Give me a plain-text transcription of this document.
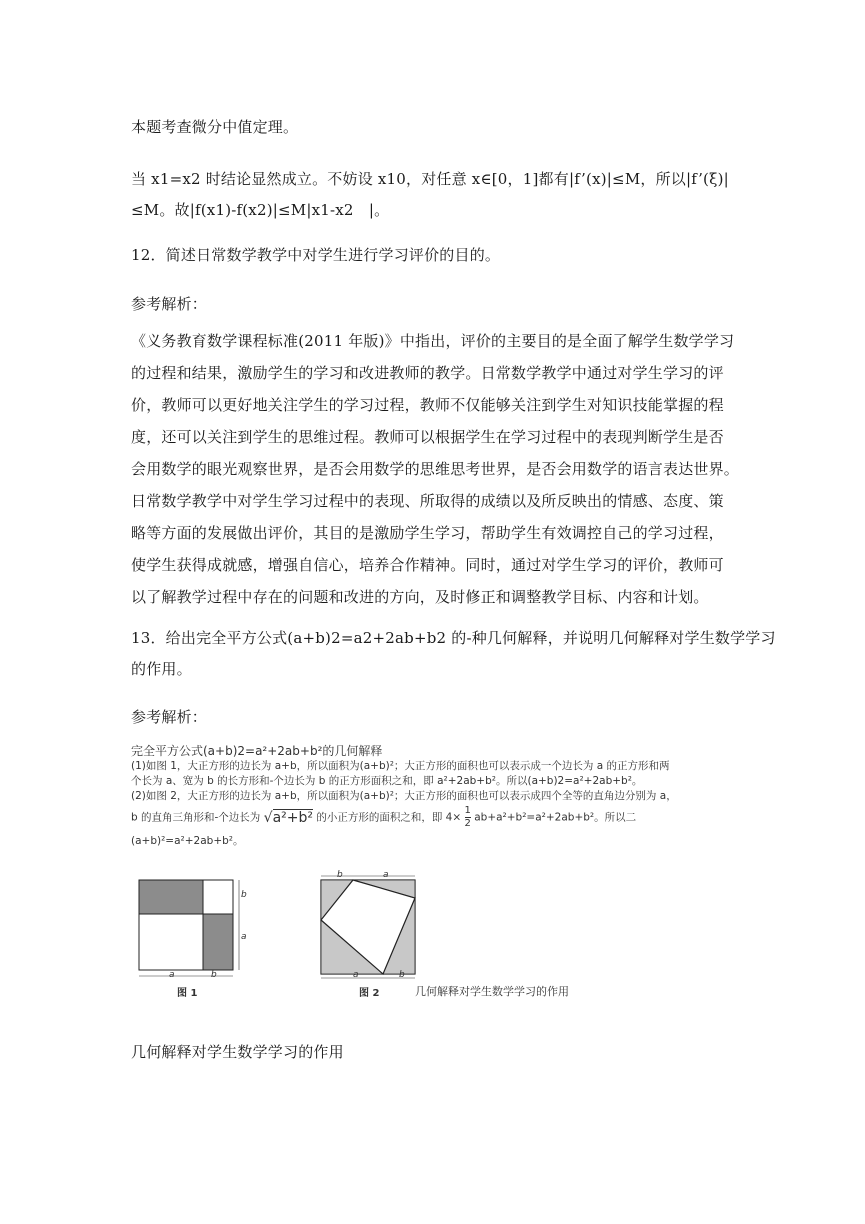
本题考查微分中值定理。
当 x1=x2 时结论显然成立。不妨设 x10，对任意 x∈[0，1]都有|f’(x)|≤M，所以|f’(ξ)|
≤M。故|f(x1)-f(x2)|≤M|x1-x2　|。
12．简述日常数学教学中对学生进行学习评价的目的。
参考解析：
《义务教育数学课程标准(2011 年版)》中指出，评价的主要目的是全面了解学生数学学习
的过程和结果，激励学生的学习和改进教师的教学。日常数学教学中通过对学生学习的评
价，教师可以更好地关注学生的学习过程，教师不仅能够关注到学生对知识技能掌握的程
度，还可以关注到学生的思维过程。教师可以根据学生在学习过程中的表现判断学生是否
会用数学的眼光观察世界，是否会用数学的思维思考世界，是否会用数学的语言表达世界。
日常数学教学中对学生学习过程中的表现、所取得的成绩以及所反映出的情感、态度、策
略等方面的发展做出评价，其目的是激励学生学习，帮助学生有效调控自己的学习过程，
使学生获得成就感，增强自信心，培养合作精神。同时，通过对学生学习的评价，教师可
以了解教学过程中存在的问题和改进的方向，及时修正和调整教学目标、内容和计划。
13．给出完全平方公式(a+b)2=a2+2ab+b2 的-种几何解释，并说明几何解释对学生数学学习
的作用。
参考解析：
完全平方公式(a+b)2=a²+2ab+b²的几何解释
(1)如图 1，大正方形的边长为 a+b，所以面积为(a+b)²；大正方形的面积也可以表示成一个边长为 a 的正方形和两
个长为 a、宽为 b 的长方形和-个边长为 b 的正方形面积之和，即 a²+2ab+b²。所以(a+b)2=a²+2ab+b²。
(2)如图 2，大正方形的边长为 a+b，所以面积为(a+b)²；大正方形的面积也可以表示成四个全等的直角边分别为 a，
b 的直角三角形和-个边长为 √a²+b² 的小正方形的面积之和，即 $4\times \frac{1}{2} ab+a^2+b^2=a^2+2ab+b^2$。所以二
(a+b)²=a²+2ab+b²。
a	b
b
a
图 1
b	a
a	b
图 2	几何解释对学生数学学习的作用
几何解释对学生数学学习的作用
